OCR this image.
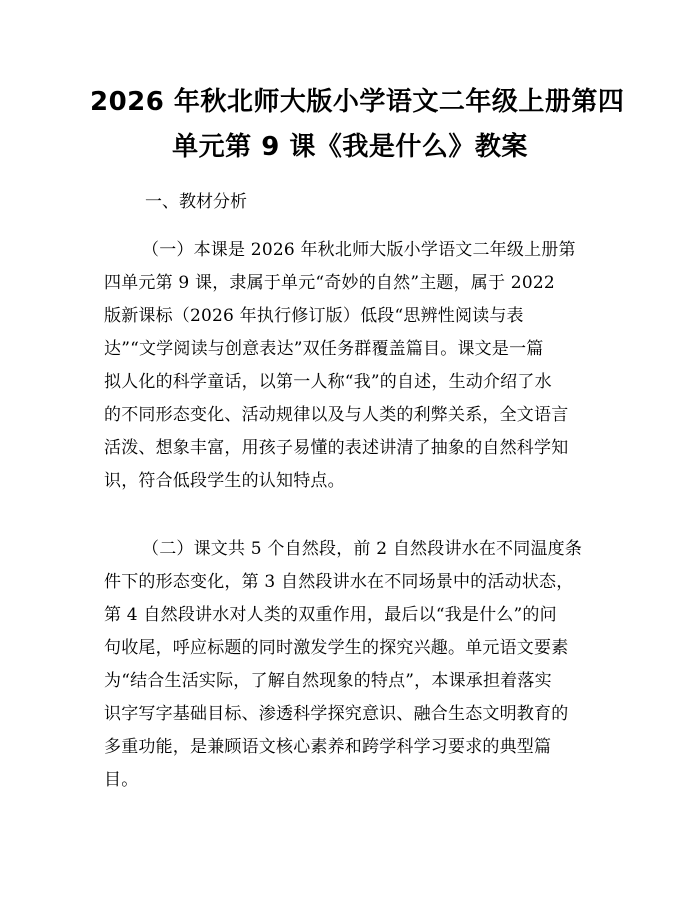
2026 年秋北师大版小学语文二年级上册第四
单元第 9 课《我是什么》教案
一、教材分析
（一）本课是 2026 年秋北师大版小学语文二年级上册第
四单元第 9 课，隶属于单元“奇妙的自然”主题，属于 2022
版新课标（2026 年执行修订版）低段“思辨性阅读与表
达”“文学阅读与创意表达”双任务群覆盖篇目。课文是一篇
拟人化的科学童话，以第一人称“我”的自述，生动介绍了水
的不同形态变化、活动规律以及与人类的利弊关系，全文语言
活泼、想象丰富，用孩子易懂的表述讲清了抽象的自然科学知
识，符合低段学生的认知特点。
（二）课文共 5 个自然段，前 2 自然段讲水在不同温度条
件下的形态变化，第 3 自然段讲水在不同场景中的活动状态，
第 4 自然段讲水对人类的双重作用，最后以“我是什么”的问
句收尾，呼应标题的同时激发学生的探究兴趣。单元语文要素
为“结合生活实际，了解自然现象的特点”，本课承担着落实
识字写字基础目标、渗透科学探究意识、融合生态文明教育的
多重功能，是兼顾语文核心素养和跨学科学习要求的典型篇
目。
